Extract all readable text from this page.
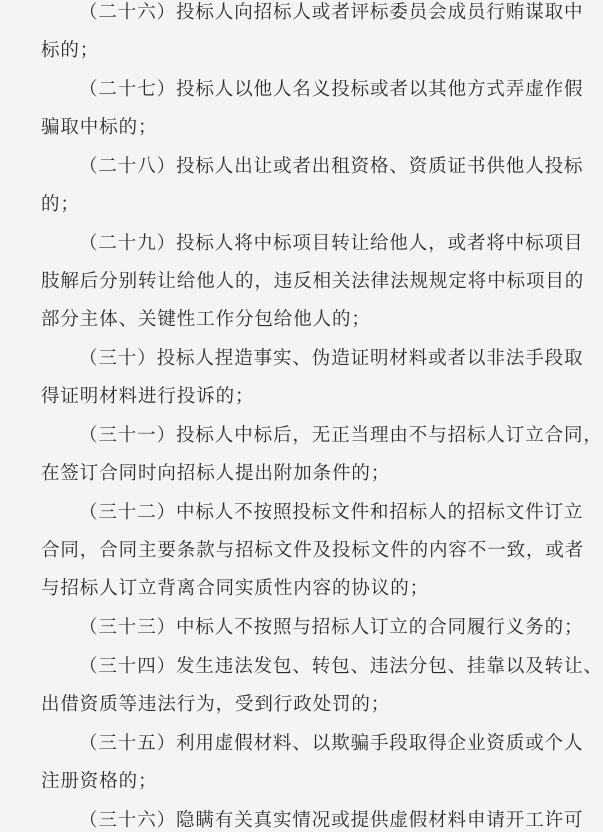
（二十六）投标人向招标人或者评标委员会成员行贿谋取中
标的；
（二十七）投标人以他人名义投标或者以其他方式弄虚作假
骗取中标的；
（二十八）投标人出让或者出租资格、资质证书供他人投标
的；
（二十九）投标人将中标项目转让给他人，或者将中标项目
肢解后分别转让给他人的，违反相关法律法规规定将中标项目的
部分主体、关键性工作分包给他人的；
（三十）投标人捏造事实、伪造证明材料或者以非法手段取
得证明材料进行投诉的；
（三十一）投标人中标后，无正当理由不与招标人订立合同，
在签订合同时向招标人提出附加条件的；
（三十二）中标人不按照投标文件和招标人的招标文件订立
合同，合同主要条款与招标文件及投标文件的内容不一致，或者
与招标人订立背离合同实质性内容的协议的；
（三十三）中标人不按照与招标人订立的合同履行义务的；
（三十四）发生违法发包、转包、违法分包、挂靠以及转让、
出借资质等违法行为，受到行政处罚的；
（三十五）利用虚假材料、以欺骗手段取得企业资质或个人
注册资格的；
（三十六）隐瞒有关真实情况或提供虚假材料申请开工许可
